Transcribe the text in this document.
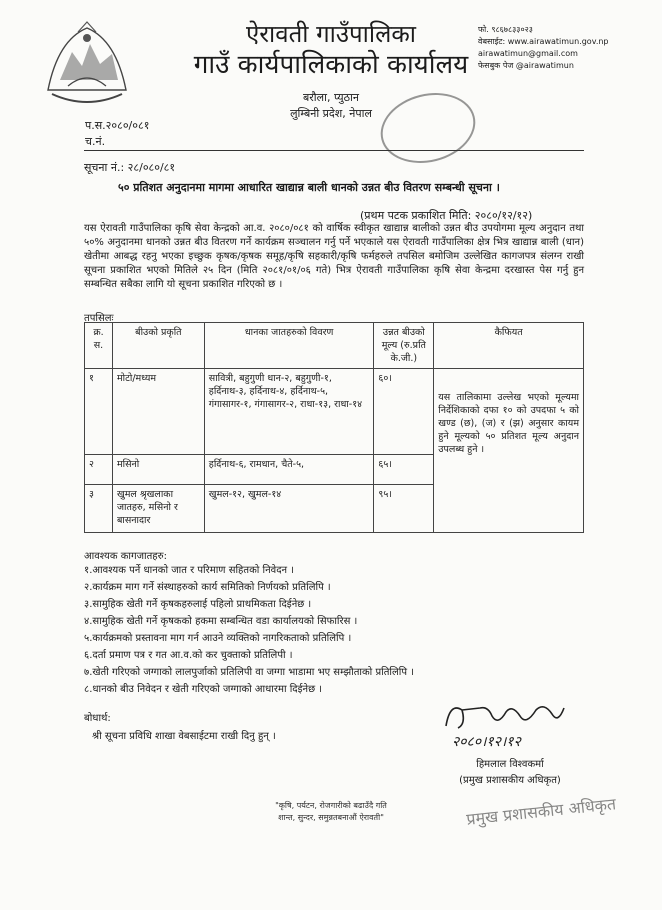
ऐरावती गाउँपालिका
गाउँ कार्यपालिकाको कार्यालय
बरौला, प्युठान
लुम्बिनी प्रदेश, नेपाल
फो. ९८६७८३३०२३
वेबसाईट: www.airawatimun.gov.np
airawatimun@gmail.com
फेसबुक पेज @airawatimun
प.स.२०८०/०८१
च.नं.
सूचना नं.: २८/०८०/८१
५० प्रतिशत अनुदानमा मागमा आधारित खाद्यान्न बाली धानको उन्नत बीउ वितरण सम्बन्धी सूचना ।
(प्रथम पटक प्रकाशित मिति: २०८०/१२/१२)
यस ऐरावती गाउँपालिका कृषि सेवा केन्द्रको आ.व. २०८०/०८१ को वार्षिक स्वीकृत खाद्यान्न बालीको उन्नत बीउ उपयोगमा मूल्य अनुदान तथा ५०% अनुदानमा धानको उन्नत बीउ वितरण गर्ने कार्यक्रम सञ्चालन गर्नु पर्ने भएकाले यस ऐरावती गाउँपालिका क्षेत्र भित्र खाद्यान्न बाली (धान) खेतीमा आबद्ध रहनु भएका इच्छुक कृषक/कृषक समूह/कृषि सहकारी/कृषि फर्महरुले तपसिल बमोजिम उल्लेखित कागजपत्र संलग्न राखी सूचना प्रकाशित भएको मितिले २५ दिन (मिति २०८१/०१/०६ गते) भित्र ऐरावती गाउँपालिका कृषि सेवा केन्द्रमा दरखास्त पेस गर्नु हुन सम्बन्धित सबैका लागि यो सूचना प्रकाशित गरिएको छ ।
तपसिलः
क्र. स.	बीउको प्रकृति	धानका जातहरुको विवरण	उन्नत बीउको मूल्य (रु.प्रति के.जी.)	कैफियत
१	मोटो/मध्यम	सावित्री, बहुगुणी धान-२, बहुगुणी-१, हर्दिनाथ-३, हर्दिनाथ-४, हर्दिनाथ-५, गंगासागर-१, गंगासागर-२, राधा-१३, राधा-१४	६०।	यस तालिकामा उल्लेख भएको मूल्यमा निर्देशिकाको दफा १० को उपदफा ५ को खण्ड (छ), (ज) र (झ) अनुसार कायम हुने मूल्यको ५० प्रतिशत मूल्य अनुदान उपलब्ध हुने ।
२	मसिनो	हर्दिनाथ-६, रामधान, चैते-५,	६५।	
३	खुमल श्रृखलाका जातहरु, मसिनो र बासनादार	खुमल-१२, खुमल-१४	९५।	
आवश्यक कागजातहरु:
१.आवश्यक पर्ने धानको जात र परिमाण सहितको निवेदन ।
२.कार्यक्रम माग गर्ने संस्थाहरुको कार्य समितिको निर्णयको प्रतिलिपि ।
३.सामुहिक खेती गर्ने कृषकहरुलाई पहिलो प्राथमिकता दिईनेछ ।
४.सामुहिक खेती गर्ने कृषकको हकमा सम्बन्धित वडा कार्यालयको सिफारिस ।
५.कार्यक्रमको प्रस्तावना माग गर्न आउने व्यक्तिको नागरिकताको प्रतिलिपि ।
६.दर्ता प्रमाण पत्र र गत आ.व.को कर चुक्ताको प्रतिलिपी ।
७.खेती गरिएको जग्गाको लालपुर्जाको प्रतिलिपी वा जग्गा भाडामा भए सम्झौताको प्रतिलिपि ।
८.धानको बीउ निवेदन र खेती गरिएको जग्गाको आधारमा दिईनेछ ।
बोधार्थ:
श्री सूचना प्रविधि शाखा वेबसाईटमा राखी दिनु हुन् ।	२०८०।१२।१२
हिमलाल विश्वकर्मा
(प्रमुख प्रशासकीय अधिकृत)
"कृषि, पर्यटन, रोजगारीको बढाउँदै गति
शान्त, सुन्दर, समुन्नतबनाऔं ऐरावती"	प्रमुख प्रशासकीय अधिकृत
